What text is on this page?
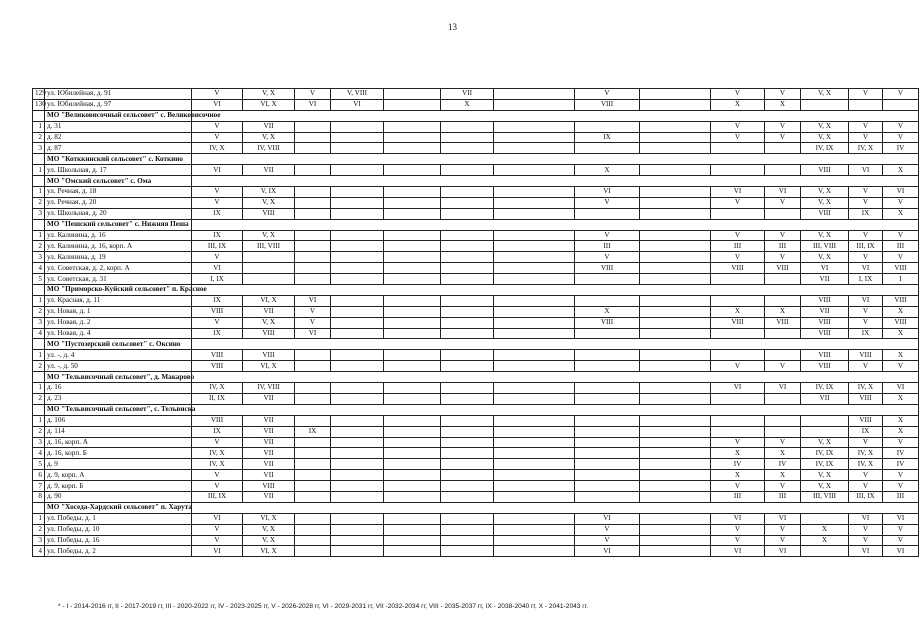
13
129	ул. Юбилейная, д. 91	V	V, X	V	V, VIII		VII		V		V	V	V, X	V	V
130	ул. Юбилейная, д. 97	VI	VI, X	VI	VI		X		VIII		X	X			
	МО "Великовисочный сельсовет" с. Великовисочное														
1	д. 31	V	VII								V	V	V, X	V	V
2	д. 82	V	V, X						IX		V	V	V, X	V	V
3	д. 87	IV, X	IV, VIII										IV, IX	IV, X	IV
	МО "Котккинский сельсовет" с. Коткино														
1	ул. Школьная, д. 17	VI	VII						X				VIII	VI	X
	МО "Омский сельсовет" с. Ома														
1	ул. Речная, д. 18	V	V, IX						VI		VI	VI	V, X	V	VI
2	ул. Речная, д. 20	V	V, X						V		V	V	V, X	V	V
3	ул. Школьная, д. 20	IX	VIII										VIII	IX	X
	МО "Пешский сельсовет" с. Нижняя Пеша														
1	ул. Калинина, д. 16	IX	V, X						V		V	V	V, X	V	V
2	ул. Калинина, д. 16, корп. А	III, IX	III, VIII						III		III	III	III, VIII	III, IX	III
3	ул. Калинина, д. 19	V							V		V	V	V, X	V	V
4	ул. Советская, д. 2, корп. А	VI							VIII		VIII	VIII	VI	VI	VIII
5	ул. Советская, д. 31	I, IX											VII	I, IX	I
	МО "Приморско-Куйский сельсовет" п. Красное														
1	ул. Красная, д. 11	IX	VI, X	VI									VIII	VI	VIII
2	ул. Новая, д. 1	VIII	VII	V					X		X	X	VII	V	X
3	ул. Новая, д. 2	V	V, X	V					VIII		VIII	VIII	VIII	V	VIII
4	ул. Новая, д. 4	IX	VIII	VI									VIII	IX	X
	МО "Пустозерский сельсовет" с. Оксино														
1	ул. -, д. 4	VIII	VIII										VIII	VIII	X
2	ул. -, д. 50	VIII	VI, X								V	V	VIII	V	V
	МО "Тельвисочный сельсовет", д. Макарово														
1	д. 16	IV, X	IV, VIII								VI	VI	IV, IX	IV, X	VI
2	д. 23	II, IX	VII										VII	VIII	X
	МО "Тельвисочный сельсовет", с. Тельвиска														
1	д. 106	VIII	VII											VIII	X
2	д. 114	IX	VII	IX										IX	X
3	д. 16, корп. А	V	VII								V	V	V, X	V	V
4	д. 16, корп. Б	IV, X	VII								X	X	IV, IX	IV, X	IV
5	д. 9	IV, X	VII								IV	IV	IV, IX	IV, X	IV
6	д. 9, корп. А	V	VII								X	X	V, X	V	V
7	д. 9, корп. Б	V	VIII								V	V	V, X	V	V
8	д. 90	III, IX	VII								III	III	III, VIII	III, IX	III
	МО "Хоседа-Хардский сельсовет" п. Харута														
1	ул. Победы, д. 1	VI	VI, X						VI		VI	VI		VI	VI
2	ул. Победы, д. 10	V	V, X						V		V	V	X	V	V
3	ул. Победы, д. 16	V	V, X						V		V	V	X	V	V
4	ул. Победы, д. 2	VI	VI, X						VI		VI	VI		VI	VI
* - I - 2014-2016 гг, II - 2017-2019 гг, III - 2020-2022 гг, IV - 2023-2025 гг, V - 2026-2028 гг, VI - 2029-2031 гг, VII -2032-2034 гг, VIII - 2035-2037 гг, IX - 2038-2040 гг, X - 2041-2043 гг.
